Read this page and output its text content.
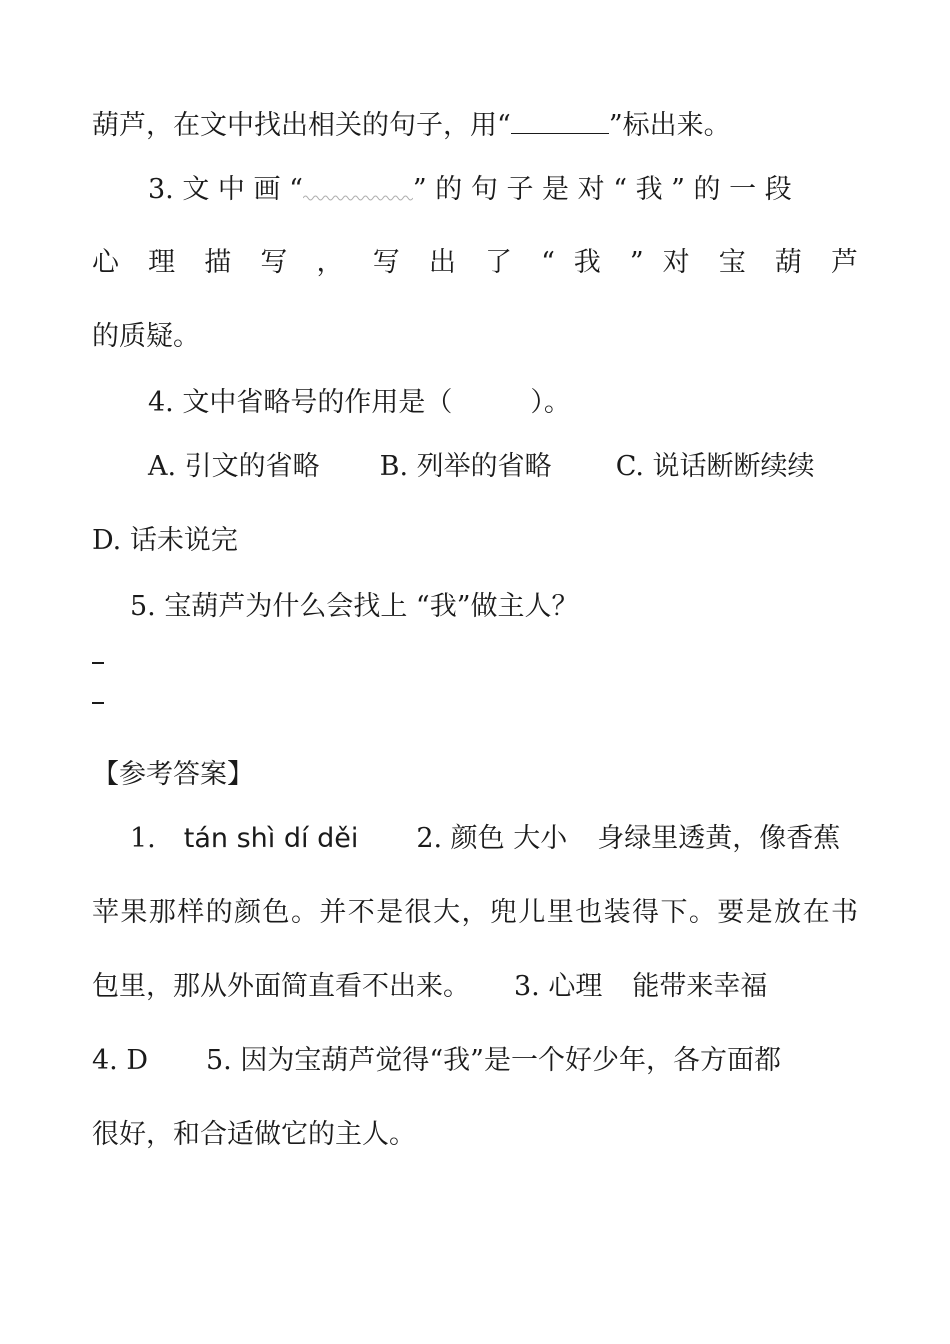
葫芦，在文中找出相关的句子，用“	”标出来。
3. 文 中 画 “	” 的 句 子 是 对 “ 我 ” 的 一 段
心 理 描 写 ， 写 出 了 “ 我 ” 对 宝 葫 芦
的质疑。
4. 文中省略号的作用是（	）。
A. 引文的省略 B. 列举的省略 C. 说话断断续续
D. 话未说完
5. 宝葫芦为什么会找上 “我”做主人？
【参考答案】
1. tán shì dí děi 2. 颜色 大小 身绿里透黄，像香蕉
苹果那样的颜色。并不是很大，兜儿里也装得下。要是放在书
包里，那从外面简直看不出来。 3. 心理 能带来幸福
4. D 5. 因为宝葫芦觉得“我”是一个好少年，各方面都
很好，和合适做它的主人。
